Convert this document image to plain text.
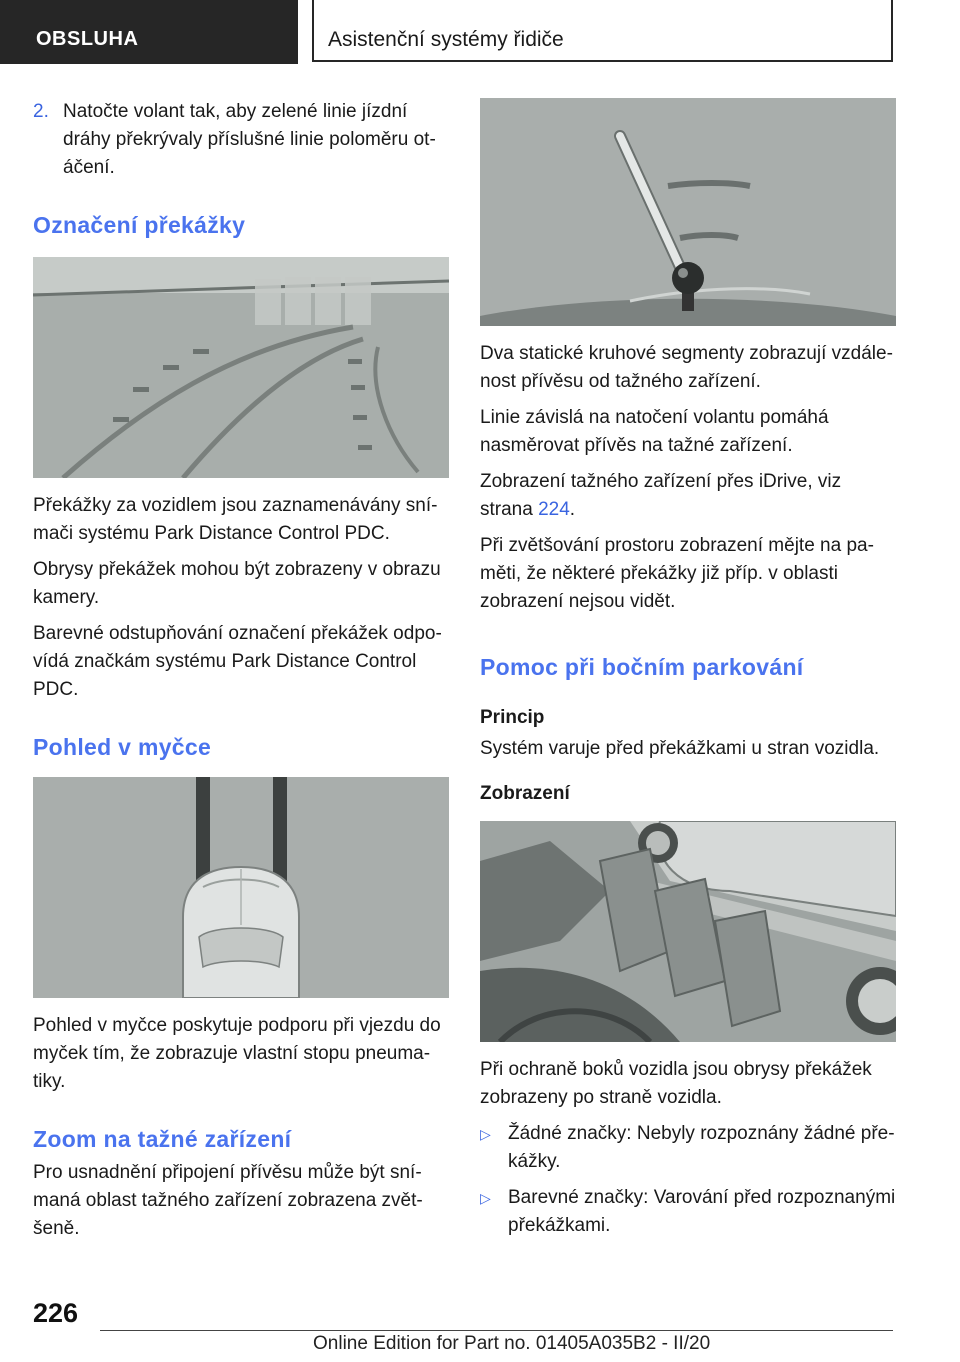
OBSLUHA	Asistenční systémy řidiče

2. Natočte volant tak, aby zelené linie jízdní dráhy překrývaly příslušné linie poloměru otáčení.

Označení překážky

Překážky za vozidlem jsou zaznamenávány snímači systému Park Distance Control PDC.

Obrysy překážek mohou být zobrazeny v obrazu kamery.

Barevné odstupňování označení překážek odpovídá značkám systému Park Distance Control PDC.

Pohled v myčce

Pohled v myčce poskytuje podporu při vjezdu do myček tím, že zobrazuje vlastní stopu pneumatiky.

Zoom na tažné zařízení

Pro usnadnění připojení přívěsu může být snímaná oblast tažného zařízení zobrazena zvětšeně.

Dva statické kruhové segmenty zobrazují vzdálenost přívěsu od tažného zařízení.

Linie závislá na natočení volantu pomáhá nasměrovat přívěs na tažné zařízení.

Zobrazení tažného zařízení přes iDrive, viz strana 224.

Při zvětšování prostoru zobrazení mějte na paměti, že některé překážky již příp. v oblasti zobrazení nejsou vidět.

Pomoc při bočním parkování
Princip

Systém varuje před překážkami u stran vozidla.

Zobrazení

Při ochraně boků vozidla jsou obrysy překážek zobrazeny po straně vozidla.

▷ Žádné značky: Nebyly rozpoznány žádné překážky.

▷ Barevné značky: Varování před rozpoznanými překážkami.

226
Online Edition for Part no. 01405A035B2 - II/20
